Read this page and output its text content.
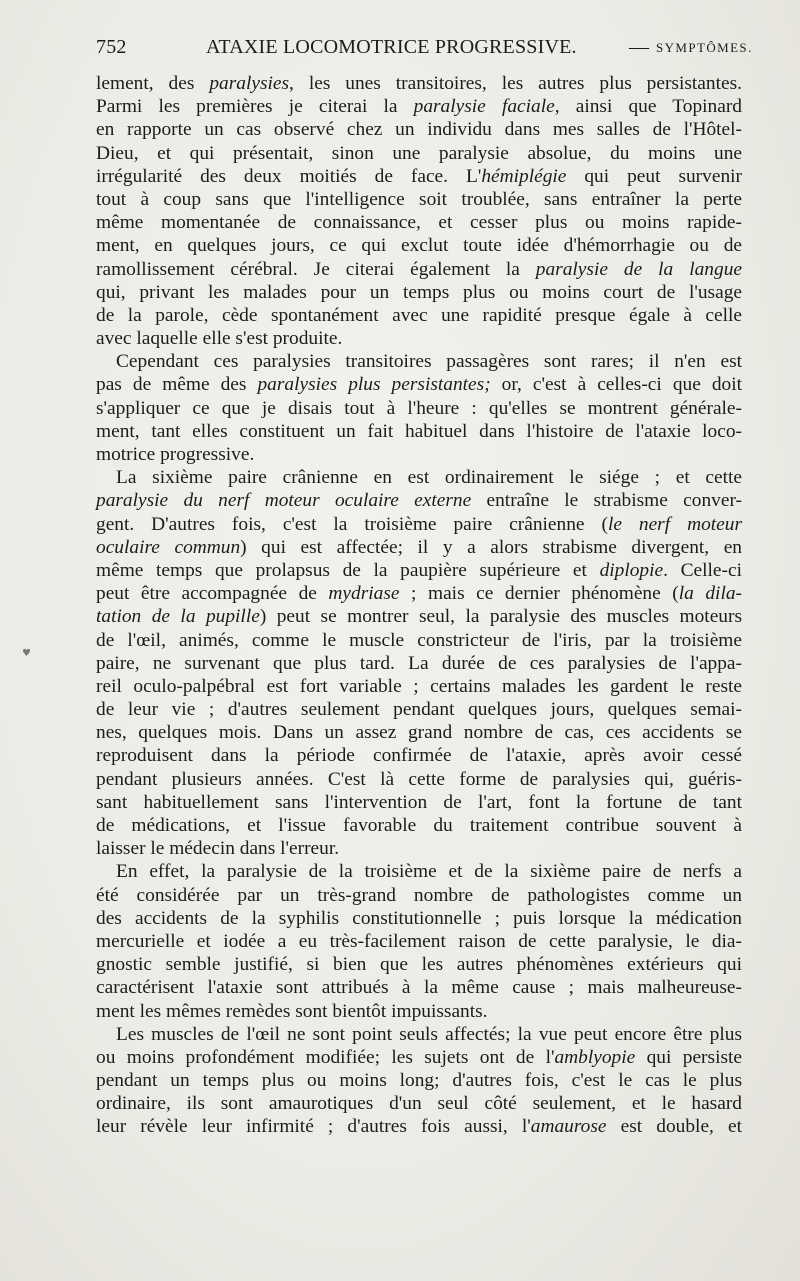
752	ATAXIE LOCOMOTRICE PROGRESSIVE.	— SYMPTÔMES.
lement, des paralysies, les unes transitoires, les autres plus persistantes.
Parmi les premières je citerai la paralysie faciale, ainsi que Topinard
en rapporte un cas observé chez un individu dans mes salles de l'Hôtel-
Dieu, et qui présentait, sinon une paralysie absolue, du moins une
irrégularité des deux moitiés de face. L'hémiplégie qui peut survenir
tout à coup sans que l'intelligence soit troublée, sans entraîner la perte
même momentanée de connaissance, et cesser plus ou moins rapide-
ment, en quelques jours, ce qui exclut toute idée d'hémorrhagie ou de
ramollissement cérébral. Je citerai également la paralysie de la langue
qui, privant les malades pour un temps plus ou moins court de l'usage
de la parole, cède spontanément avec une rapidité presque égale à celle
avec laquelle elle s'est produite.
Cependant ces paralysies transitoires passagères sont rares; il n'en est
pas de même des paralysies plus persistantes; or, c'est à celles-ci que doit
s'appliquer ce que je disais tout à l'heure : qu'elles se montrent générale-
ment, tant elles constituent un fait habituel dans l'histoire de l'ataxie loco-
motrice progressive.
La sixième paire crânienne en est ordinairement le siége ; et cette
paralysie du nerf moteur oculaire externe entraîne le strabisme conver-
gent. D'autres fois, c'est la troisième paire crânienne (le nerf moteur
oculaire commun) qui est affectée; il y a alors strabisme divergent, en
même temps que prolapsus de la paupière supérieure et diplopie. Celle-ci
peut être accompagnée de mydriase ; mais ce dernier phénomène (la dila-
tation de la pupille) peut se montrer seul, la paralysie des muscles moteurs
de l'œil, animés, comme le muscle constricteur de l'iris, par la troisième
paire, ne survenant que plus tard. La durée de ces paralysies de l'appa-
reil oculo-palpébral est fort variable ; certains malades les gardent le reste
de leur vie ; d'autres seulement pendant quelques jours, quelques semai-
nes, quelques mois. Dans un assez grand nombre de cas, ces accidents se
reproduisent dans la période confirmée de l'ataxie, après avoir cessé
pendant plusieurs années. C'est là cette forme de paralysies qui, guéris-
sant habituellement sans l'intervention de l'art, font la fortune de tant
de médications, et l'issue favorable du traitement contribue souvent à
laisser le médecin dans l'erreur.
En effet, la paralysie de la troisième et de la sixième paire de nerfs a
été considérée par un très-grand nombre de pathologistes comme un
des accidents de la syphilis constitutionnelle ; puis lorsque la médication
mercurielle et iodée a eu très-facilement raison de cette paralysie, le dia-
gnostic semble justifié, si bien que les autres phénomènes extérieurs qui
caractérisent l'ataxie sont attribués à la même cause ; mais malheureuse-
ment les mêmes remèdes sont bientôt impuissants.
Les muscles de l'œil ne sont point seuls affectés; la vue peut encore être plus
ou moins profondément modifiée; les sujets ont de l'amblyopie qui persiste
pendant un temps plus ou moins long; d'autres fois, c'est le cas le plus
ordinaire, ils sont amaurotiques d'un seul côté seulement, et le hasard
leur révèle leur infirmité ; d'autres fois aussi, l'amaurose est double, et
♥
